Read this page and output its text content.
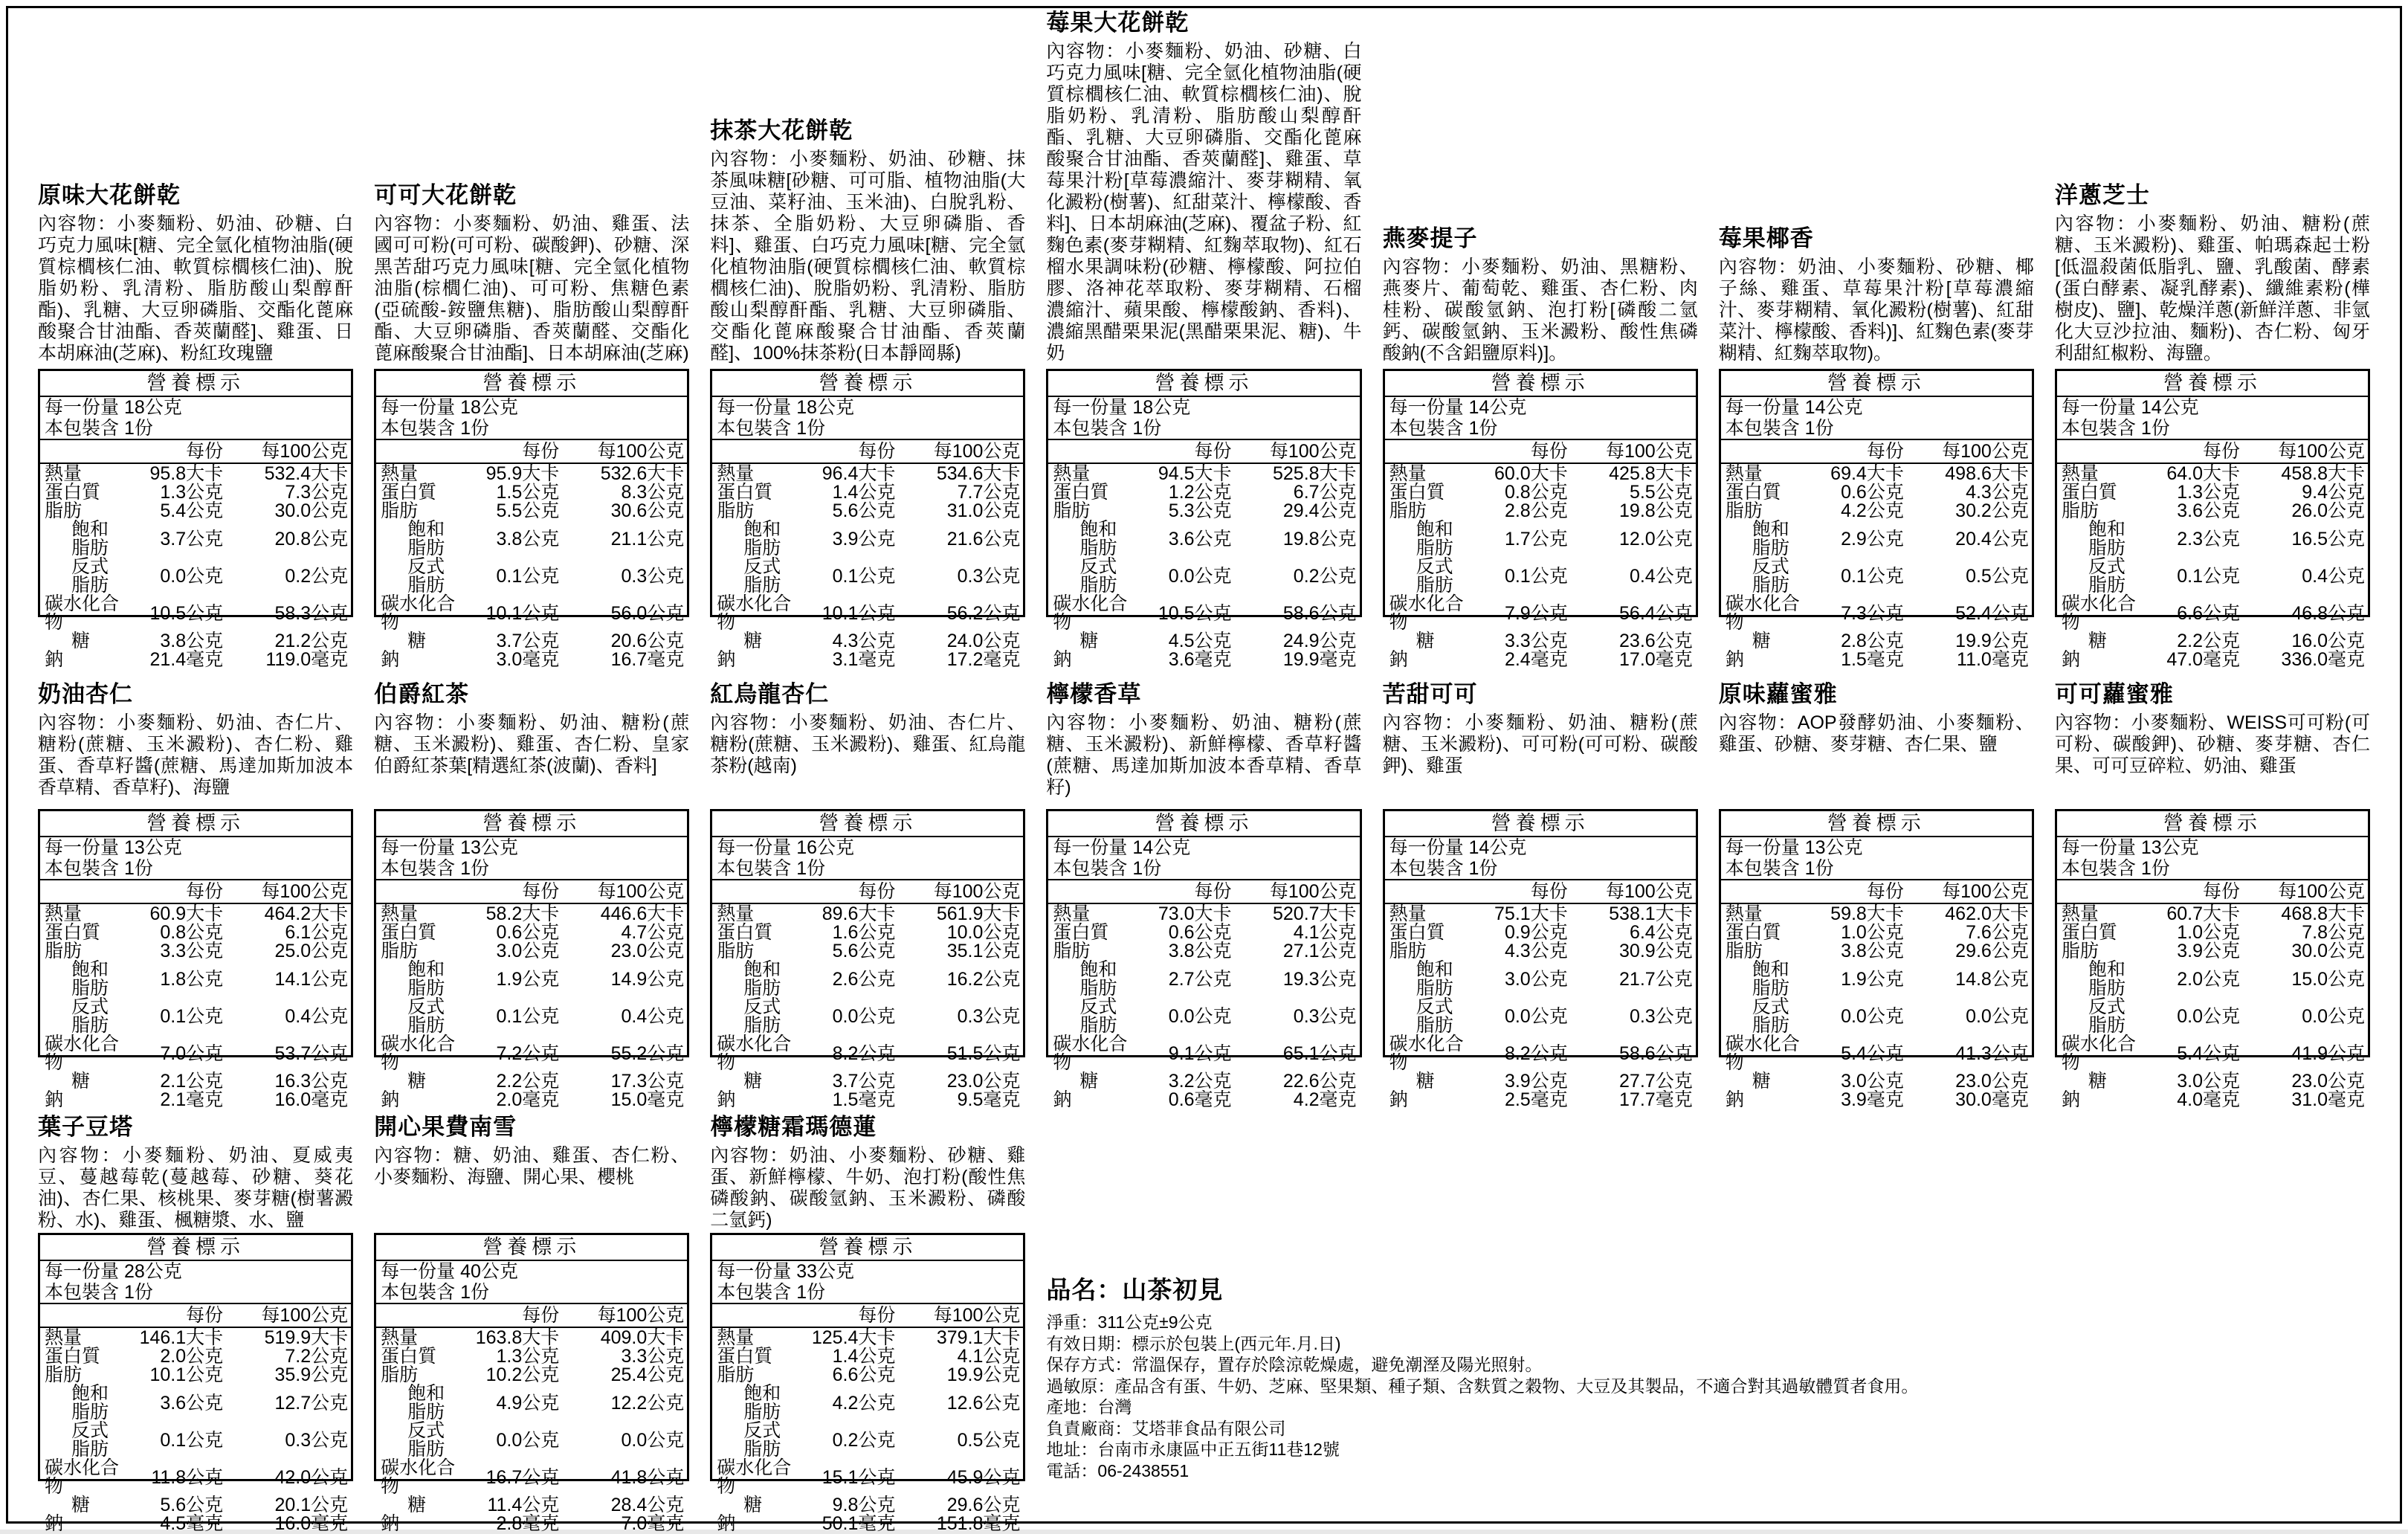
原味大花餅乾
內容物：小麥麵粉、奶油、砂糖、白巧克力風味[糖、完全氫化植物油脂(硬質棕櫚核仁油、軟質棕櫚核仁油)、脫脂奶粉、乳清粉、脂肪酸山梨醇酐酯)、乳糖、大豆卵磷脂、交酯化蓖麻酸聚合甘油酯、香莢蘭醛]、雞蛋、日本胡麻油(芝麻)、粉紅玫瑰鹽
營養標示
每一份量 18公克
本包裝含 1份
每份	每100公克
熱量	95.8大卡	532.4大卡
蛋白質	1.3公克	7.3公克
脂肪	5.4公克	30.0公克
飽和脂肪	3.7公克	20.8公克
反式脂肪	0.0公克	0.2公克
碳水化合物	10.5公克	58.3公克
糖	3.8公克	21.2公克
鈉	21.4毫克	119.0毫克
可可大花餅乾
內容物：小麥麵粉、奶油、雞蛋、法國可可粉(可可粉、碳酸鉀)、砂糖、深黑苦甜巧克力風味[糖、完全氫化植物油脂(棕櫚仁油)、可可粉、焦糖色素(亞硫酸-銨鹽焦糖)、脂肪酸山梨醇酐酯、大豆卵磷脂、香莢蘭醛、交酯化蓖麻酸聚合甘油酯]、日本胡麻油(芝麻)
營養標示
每一份量 18公克
本包裝含 1份
每份	每100公克
熱量	95.9大卡	532.6大卡
蛋白質	1.5公克	8.3公克
脂肪	5.5公克	30.6公克
飽和脂肪	3.8公克	21.1公克
反式脂肪	0.1公克	0.3公克
碳水化合物	10.1公克	56.0公克
糖	3.7公克	20.6公克
鈉	3.0毫克	16.7毫克
抹茶大花餅乾
內容物：小麥麵粉、奶油、砂糖、抹茶風味糖[砂糖、可可脂、植物油脂(大豆油、菜籽油、玉米油)、白脫乳粉、抹茶、全脂奶粉、大豆卵磷脂、香料]、雞蛋、白巧克力風味[糖、完全氫化植物油脂(硬質棕櫚核仁油、軟質棕櫚核仁油)、脫脂奶粉、乳清粉、脂肪酸山梨醇酐酯、乳糖、大豆卵磷脂、交酯化蓖麻酸聚合甘油酯、香莢蘭醛]、100%抹茶粉(日本靜岡縣)
營養標示
每一份量 18公克
本包裝含 1份
每份	每100公克
熱量	96.4大卡	534.6大卡
蛋白質	1.4公克	7.7公克
脂肪	5.6公克	31.0公克
飽和脂肪	3.9公克	21.6公克
反式脂肪	0.1公克	0.3公克
碳水化合物	10.1公克	56.2公克
糖	4.3公克	24.0公克
鈉	3.1毫克	17.2毫克
莓果大花餅乾
內容物：小麥麵粉、奶油、砂糖、白巧克力風味[糖、完全氫化植物油脂(硬質棕櫚核仁油、軟質棕櫚核仁油)、脫脂奶粉、乳清粉、脂肪酸山梨醇酐酯、乳糖、大豆卵磷脂、交酯化蓖麻酸聚合甘油酯、香莢蘭醛]、雞蛋、草莓果汁粉[草莓濃縮汁、麥芽糊精、氧化澱粉(樹薯)、紅甜菜汁、檸檬酸、香料]、日本胡麻油(芝麻)、覆盆子粉、紅麴色素(麥芽糊精、紅麴萃取物)、紅石榴水果調味粉(砂糖、檸檬酸、阿拉伯膠、洛神花萃取粉、麥芽糊精、石榴濃縮汁、蘋果酸、檸檬酸鈉、香料)、濃縮黑醋栗果泥(黑醋栗果泥、糖)、牛奶
營養標示
每一份量 18公克
本包裝含 1份
每份	每100公克
熱量	94.5大卡	525.8大卡
蛋白質	1.2公克	6.7公克
脂肪	5.3公克	29.4公克
飽和脂肪	3.6公克	19.8公克
反式脂肪	0.0公克	0.2公克
碳水化合物	10.5公克	58.6公克
糖	4.5公克	24.9公克
鈉	3.6毫克	19.9毫克
燕麥提子
內容物：小麥麵粉、奶油、黑糖粉、燕麥片、葡萄乾、雞蛋、杏仁粉、肉桂粉、碳酸氫鈉、泡打粉[磷酸二氫鈣、碳酸氫鈉、玉米澱粉、酸性焦磷酸鈉(不含鋁鹽原料)]。
營養標示
每一份量 14公克
本包裝含 1份
每份	每100公克
熱量	60.0大卡	425.8大卡
蛋白質	0.8公克	5.5公克
脂肪	2.8公克	19.8公克
飽和脂肪	1.7公克	12.0公克
反式脂肪	0.1公克	0.4公克
碳水化合物	7.9公克	56.4公克
糖	3.3公克	23.6公克
鈉	2.4毫克	17.0毫克
莓果椰香
內容物：奶油、小麥麵粉、砂糖、椰子絲、雞蛋、草莓果汁粉[草莓濃縮汁、麥芽糊精、氧化澱粉(樹薯)、紅甜菜汁、檸檬酸、香料)]、紅麴色素(麥芽糊精、紅麴萃取物)。
營養標示
每一份量 14公克
本包裝含 1份
每份	每100公克
熱量	69.4大卡	498.6大卡
蛋白質	0.6公克	4.3公克
脂肪	4.2公克	30.2公克
飽和脂肪	2.9公克	20.4公克
反式脂肪	0.1公克	0.5公克
碳水化合物	7.3公克	52.4公克
糖	2.8公克	19.9公克
鈉	1.5毫克	11.0毫克
洋蔥芝士
內容物：小麥麵粉、奶油、糖粉(蔗糖、玉米澱粉)、雞蛋、帕瑪森起士粉[低溫殺菌低脂乳、鹽、乳酸菌、酵素(蛋白酵素、凝乳酵素)、纖維素粉(樺樹皮)、鹽]、乾燥洋蔥(新鮮洋蔥、非氫化大豆沙拉油、麵粉)、杏仁粉、匈牙利甜紅椒粉、海鹽。
營養標示
每一份量 14公克
本包裝含 1份
每份	每100公克
熱量	64.0大卡	458.8大卡
蛋白質	1.3公克	9.4公克
脂肪	3.6公克	26.0公克
飽和脂肪	2.3公克	16.5公克
反式脂肪	0.1公克	0.4公克
碳水化合物	6.6公克	46.8公克
糖	2.2公克	16.0公克
鈉	47.0毫克	336.0毫克
奶油杏仁
內容物：小麥麵粉、奶油、杏仁片、糖粉(蔗糖、玉米澱粉)、杏仁粉、雞蛋、香草籽醬(蔗糖、馬達加斯加波本香草精、香草籽)、海鹽
營養標示
每一份量 13公克
本包裝含 1份
每份	每100公克
熱量	60.9大卡	464.2大卡
蛋白質	0.8公克	6.1公克
脂肪	3.3公克	25.0公克
飽和脂肪	1.8公克	14.1公克
反式脂肪	0.1公克	0.4公克
碳水化合物	7.0公克	53.7公克
糖	2.1公克	16.3公克
鈉	2.1毫克	16.0毫克
伯爵紅茶
內容物：小麥麵粉、奶油、糖粉(蔗糖、玉米澱粉)、雞蛋、杏仁粉、皇家伯爵紅茶葉[精選紅茶(波蘭)、香料]
營養標示
每一份量 13公克
本包裝含 1份
每份	每100公克
熱量	58.2大卡	446.6大卡
蛋白質	0.6公克	4.7公克
脂肪	3.0公克	23.0公克
飽和脂肪	1.9公克	14.9公克
反式脂肪	0.1公克	0.4公克
碳水化合物	7.2公克	55.2公克
糖	2.2公克	17.3公克
鈉	2.0毫克	15.0毫克
紅烏龍杏仁
內容物：小麥麵粉、奶油、杏仁片、糖粉(蔗糖、玉米澱粉)、雞蛋、紅烏龍茶粉(越南)
營養標示
每一份量 16公克
本包裝含 1份
每份	每100公克
熱量	89.6大卡	561.9大卡
蛋白質	1.6公克	10.0公克
脂肪	5.6公克	35.1公克
飽和脂肪	2.6公克	16.2公克
反式脂肪	0.0公克	0.3公克
碳水化合物	8.2公克	51.5公克
糖	3.7公克	23.0公克
鈉	1.5毫克	9.5毫克
檸檬香草
內容物：小麥麵粉、奶油、糖粉(蔗糖、玉米澱粉)、新鮮檸檬、香草籽醬(蔗糖、馬達加斯加波本香草精、香草籽)
營養標示
每一份量 14公克
本包裝含 1份
每份	每100公克
熱量	73.0大卡	520.7大卡
蛋白質	0.6公克	4.1公克
脂肪	3.8公克	27.1公克
飽和脂肪	2.7公克	19.3公克
反式脂肪	0.0公克	0.3公克
碳水化合物	9.1公克	65.1公克
糖	3.2公克	22.6公克
鈉	0.6毫克	4.2毫克
苦甜可可
內容物：小麥麵粉、奶油、糖粉(蔗糖、玉米澱粉)、可可粉(可可粉、碳酸鉀)、雞蛋
營養標示
每一份量 14公克
本包裝含 1份
每份	每100公克
熱量	75.1大卡	538.1大卡
蛋白質	0.9公克	6.4公克
脂肪	4.3公克	30.9公克
飽和脂肪	3.0公克	21.7公克
反式脂肪	0.0公克	0.3公克
碳水化合物	8.2公克	58.6公克
糖	3.9公克	27.7公克
鈉	2.5毫克	17.7毫克
原味蘿蜜雅
內容物：AOP發酵奶油、小麥麵粉、雞蛋、砂糖、麥芽糖、杏仁果、鹽
營養標示
每一份量 13公克
本包裝含 1份
每份	每100公克
熱量	59.8大卡	462.0大卡
蛋白質	1.0公克	7.6公克
脂肪	3.8公克	29.6公克
飽和脂肪	1.9公克	14.8公克
反式脂肪	0.0公克	0.0公克
碳水化合物	5.4公克	41.3公克
糖	3.0公克	23.0公克
鈉	3.9毫克	30.0毫克
可可蘿蜜雅
內容物：小麥麵粉、WEISS可可粉(可可粉、碳酸鉀)、砂糖、麥芽糖、杏仁果、可可豆碎粒、奶油、雞蛋
營養標示
每一份量 13公克
本包裝含 1份
每份	每100公克
熱量	60.7大卡	468.8大卡
蛋白質	1.0公克	7.8公克
脂肪	3.9公克	30.0公克
飽和脂肪	2.0公克	15.0公克
反式脂肪	0.0公克	0.0公克
碳水化合物	5.4公克	41.9公克
糖	3.0公克	23.0公克
鈉	4.0毫克	31.0毫克
品名：山茶初見
淨重：311公克±9公克
有效日期：標示於包裝上(西元年.月.日)
保存方式：常溫保存，置存於陰涼乾燥處，避免潮溼及陽光照射。
過敏原：產品含有蛋、牛奶、芝麻、堅果類、種子類、含麩質之穀物、大豆及其製品，不適合對其過敏體質者食用。
產地：台灣
負責廠商：艾塔菲食品有限公司
地址：台南市永康區中正五街11巷12號
電話：06-2438551
葉子豆塔
內容物：小麥麵粉、奶油、夏威夷豆、蔓越莓乾(蔓越莓、砂糖、葵花油)、杏仁果、核桃果、麥芽糖(樹薯澱粉、水)、雞蛋、楓糖漿、水、鹽
營養標示
每一份量 28公克
本包裝含 1份
每份	每100公克
熱量	146.1大卡	519.9大卡
蛋白質	2.0公克	7.2公克
脂肪	10.1公克	35.9公克
飽和脂肪	3.6公克	12.7公克
反式脂肪	0.1公克	0.3公克
碳水化合物	11.8公克	42.0公克
糖	5.6公克	20.1公克
鈉	4.5毫克	16.0毫克
開心果費南雪
內容物：糖、奶油、雞蛋、杏仁粉、小麥麵粉、海鹽、開心果、櫻桃
營養標示
每一份量 40公克
本包裝含 1份
每份	每100公克
熱量	163.8大卡	409.0大卡
蛋白質	1.3公克	3.3公克
脂肪	10.2公克	25.4公克
飽和脂肪	4.9公克	12.2公克
反式脂肪	0.0公克	0.0公克
碳水化合物	16.7公克	41.8公克
糖	11.4公克	28.4公克
鈉	2.8毫克	7.0毫克
檸檬糖霜瑪德蓮
內容物：奶油、小麥麵粉、砂糖、雞蛋、新鮮檸檬、牛奶、泡打粉(酸性焦磷酸鈉、碳酸氫鈉、玉米澱粉、磷酸二氫鈣)
營養標示
每一份量 33公克
本包裝含 1份
每份	每100公克
熱量	125.4大卡	379.1大卡
蛋白質	1.4公克	4.1公克
脂肪	6.6公克	19.9公克
飽和脂肪	4.2公克	12.6公克
反式脂肪	0.2公克	0.5公克
碳水化合物	15.1公克	45.9公克
糖	9.8公克	29.6公克
鈉	50.1毫克	151.8毫克
